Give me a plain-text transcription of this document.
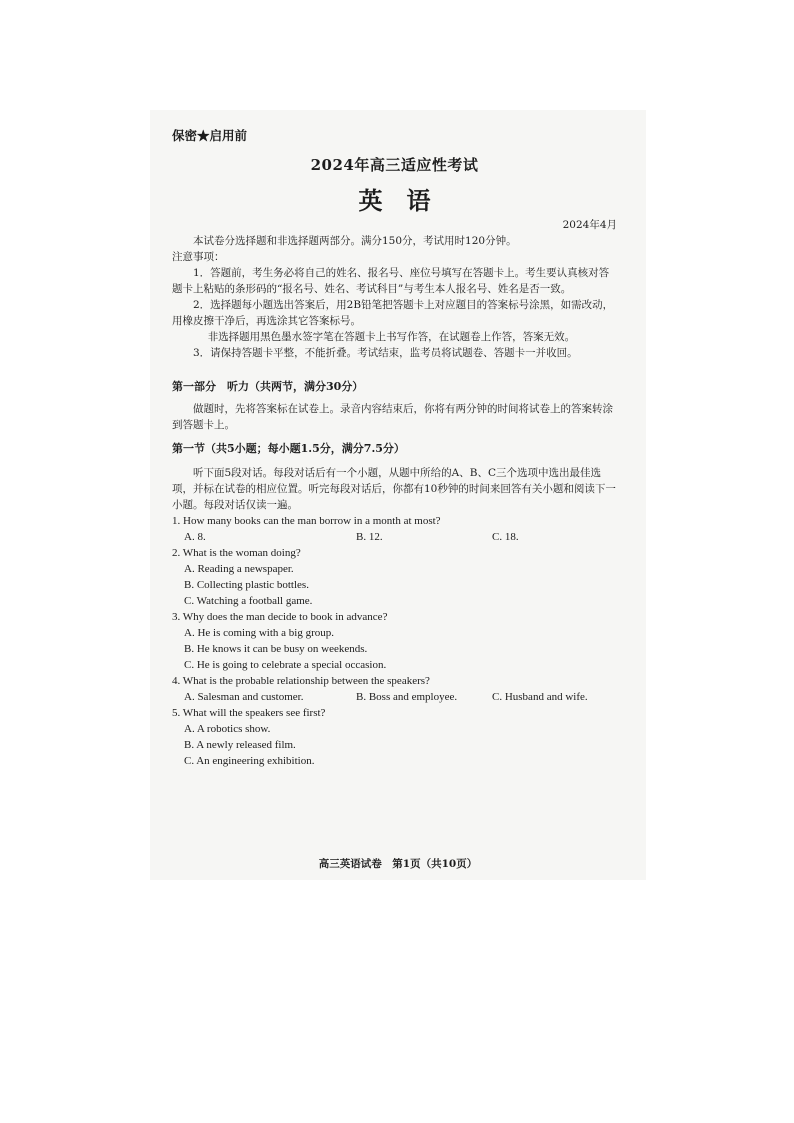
保密★启用前

2024年高三适应性考试

英　语

2024年4月

本试卷分选择题和非选择题两部分。满分150分，考试用时120分钟。

注意事项：

1．答题前，考生务必将自己的姓名、报名号、座位号填写在答题卡上。考生要认真核对答题卡上粘贴的条形码的“报名号、姓名、考试科目”与考生本人报名号、姓名是否一致。

2．选择题每小题选出答案后，用2B铅笔把答题卡上对应题目的答案标号涂黑，如需改动，用橡皮擦干净后，再选涂其它答案标号。

非选择题用黑色墨水签字笔在答题卡上书写作答，在试题卷上作答，答案无效。

3．请保持答题卡平整，不能折叠。考试结束，监考员将试题卷、答题卡一并收回。

第一部分　听力（共两节，满分30分）

做题时，先将答案标在试卷上。录音内容结束后，你将有两分钟的时间将试卷上的答案转涂到答题卡上。

第一节（共5小题；每小题1.5分，满分7.5分）

听下面5段对话。每段对话后有一个小题，从题中所给的A、B、C三个选项中选出最佳选项，并标在试卷的相应位置。听完每段对话后，你都有10秒钟的时间来回答有关小题和阅读下一小题。每段对话仅读一遍。

1. How many books can the man borrow in a month at most?

A. 8.	B. 12.	C. 18.

2. What is the woman doing?

A. Reading a newspaper.

B. Collecting plastic bottles.

C. Watching a football game.

3. Why does the man decide to book in advance?

A. He is coming with a big group.

B. He knows it can be busy on weekends.

C. He is going to celebrate a special occasion.

4. What is the probable relationship between the speakers?

A. Salesman and customer.	B. Boss and employee.	C. Husband and wife.

5. What will the speakers see first?

A. A robotics show.

B. A newly released film.

C. An engineering exhibition.

高三英语试卷　第1页（共10页）
